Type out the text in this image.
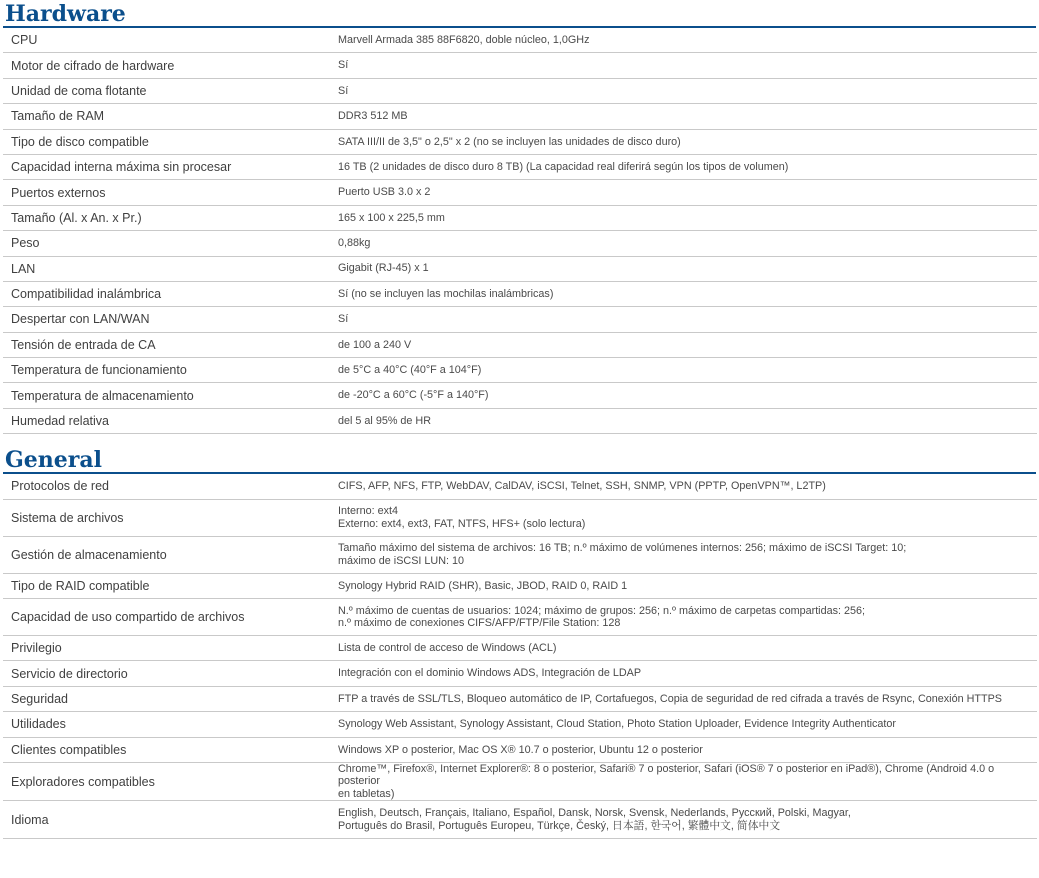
Hardware
CPU	Marvell Armada 385 88F6820, doble núcleo, 1,0GHz

Motor de cifrado de hardware	Sí

Unidad de coma flotante	Sí

Tamaño de RAM	DDR3 512 MB

Tipo de disco compatible	SATA III/II de 3,5" o 2,5" x 2 (no se incluyen las unidades de disco duro)

Capacidad interna máxima sin procesar	16 TB (2 unidades de disco duro 8 TB) (La capacidad real diferirá según los tipos de volumen)

Puertos externos	Puerto USB 3.0 x 2

Tamaño (Al. x An. x Pr.)	165 x 100 x 225,5 mm

Peso	0,88kg

LAN	Gigabit (RJ-45) x 1

Compatibilidad inalámbrica	Sí (no se incluyen las mochilas inalámbricas)

Despertar con LAN/WAN	Sí

Tensión de entrada de CA	de 100 a 240 V

Temperatura de funcionamiento	de 5°C a 40°C (40°F a 104°F)

Temperatura de almacenamiento	de -20°C a 60°C (-5°F a 140°F)

Humedad relativa	del 5 al 95% de HR
General
Protocolos de red	CIFS, AFP, NFS, FTP, WebDAV, CalDAV, iSCSI, Telnet, SSH, SNMP, VPN (PPTP, OpenVPN™, L2TP)

Sistema de archivos	Interno: ext4
Externo: ext4, ext3, FAT, NTFS, HFS+ (solo lectura)

Gestión de almacenamiento	Tamaño máximo del sistema de archivos: 16 TB; n.º máximo de volúmenes internos: 256; máximo de iSCSI Target: 10;
máximo de iSCSI LUN: 10

Tipo de RAID compatible	Synology Hybrid RAID (SHR), Basic, JBOD, RAID 0, RAID 1

Capacidad de uso compartido de archivos	N.º máximo de cuentas de usuarios: 1024; máximo de grupos: 256; n.º máximo de carpetas compartidas: 256;
n.º máximo de conexiones CIFS/AFP/FTP/File Station: 128

Privilegio	Lista de control de acceso de Windows (ACL)

Servicio de directorio	Integración con el dominio Windows ADS, Integración de LDAP

Seguridad	FTP a través de SSL/TLS, Bloqueo automático de IP, Cortafuegos, Copia de seguridad de red cifrada a través de Rsync, Conexión HTTPS

Utilidades	Synology Web Assistant, Synology Assistant, Cloud Station, Photo Station Uploader, Evidence Integrity Authenticator

Clientes compatibles	Windows XP o posterior, Mac OS X® 10.7 o posterior, Ubuntu 12 o posterior

Exploradores compatibles	Chrome™, Firefox®, Internet Explorer®: 8 o posterior, Safari® 7 o posterior, Safari (iOS® 7 o posterior en iPad®), Chrome (Android 4.0 o posterior
en tabletas)

Idioma	English, Deutsch, Français, Italiano, Español, Dansk, Norsk, Svensk, Nederlands, Русский, Polski, Magyar,
Português do Brasil, Português Europeu, Türkçe, Český, 日本語, 한국어, 繁體中文, 简体中文
